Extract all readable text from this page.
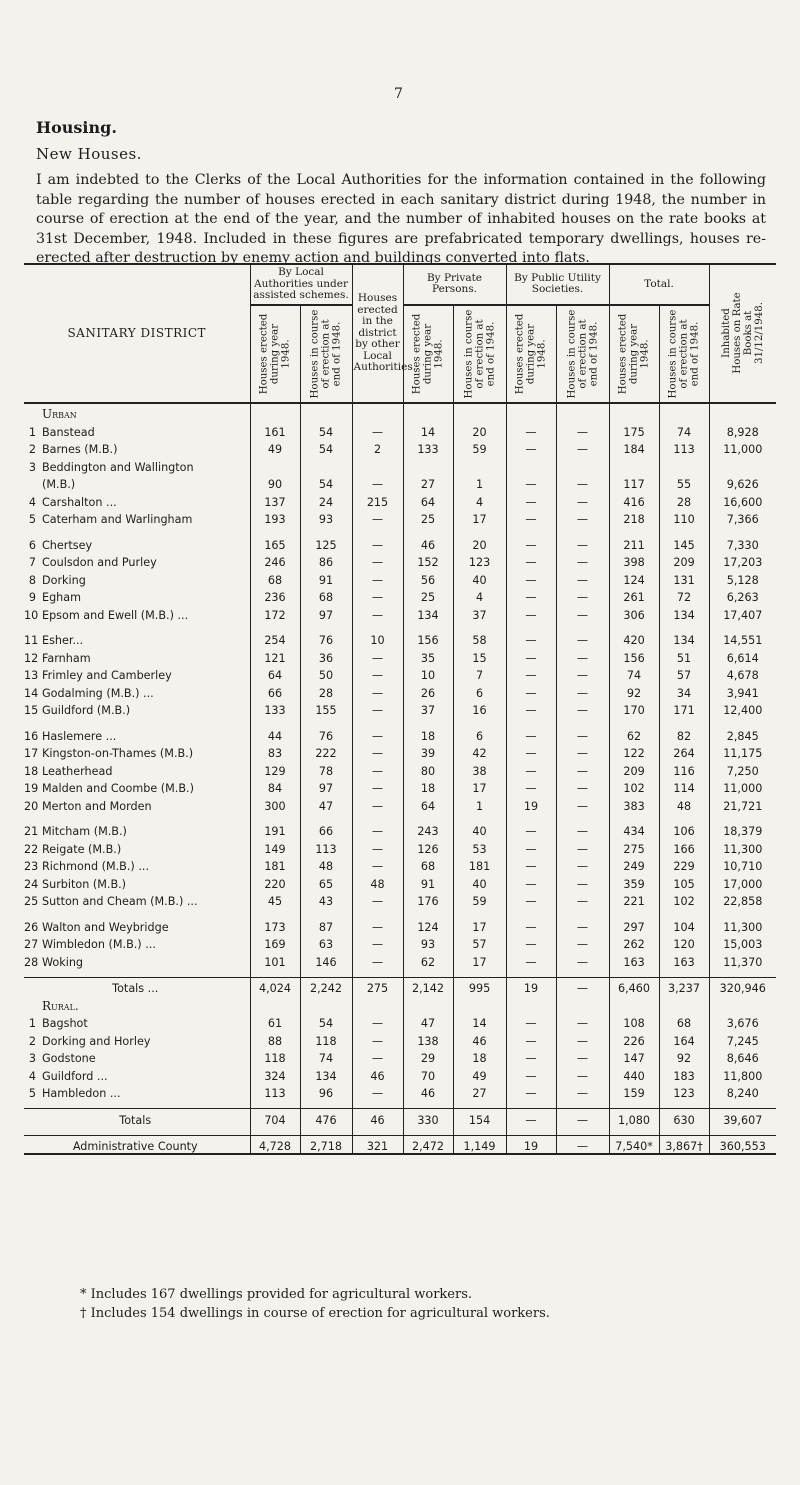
7
Housing.
New Houses.

I am indebted to the Clerks of the Local Authorities for the information contained in the following table regarding the number of houses erected in each sanitary district during 1948, the number in course of erection at the end of the year, and the number of inhabited houses on the rate books at 31st December, 1948. Included in these figures are prefabricated temporary dwellings, houses re-erected after destruction by enemy action and buildings converted into flats.

SANITARY DISTRICT	By Local Authorities under assisted schemes.		Houses erected in the district by other Local Authorities.	By Private Persons.		By Public Utility Societies.		Total.		Inhabited Houses on Rate Books at 31/12/1948.

	Houses erected during year 1948.	Houses in course of erection at end of 1948.		Houses erected during year 1948.	Houses in course of erection at end of 1948.	Houses erected during year 1948.	Houses in course of erection at end of 1948.	Houses erected during year 1948.	Houses in course of erection at end of 1948.	

Urban										
1 Banstead	161	54	—	14	20	—	—	175	74	8,928
2 Barnes (M.B.)	49	54	2	133	59	—	—	184	113	11,000
3 Beddington and Wallington										
(M.B.)	90	54	—	27	1	—	—	117	55	9,626
4 Carshalton ...	137	24	215	64	4	—	—	416	28	16,600
5 Caterham and Warlingham	193	93	—	25	17	—	—	218	110	7,366

6 Chertsey	165	125	—	46	20	—	—	211	145	7,330
7 Coulsdon and Purley	246	86	—	152	123	—	—	398	209	17,203
8 Dorking	68	91	—	56	40	—	—	124	131	5,128
9 Egham	236	68	—	25	4	—	—	261	72	6,263
10 Epsom and Ewell (M.B.) ...	172	97	—	134	37	—	—	306	134	17,407

11 Esher...	254	76	10	156	58	—	—	420	134	14,551
12 Farnham	121	36	—	35	15	—	—	156	51	6,614
13 Frimley and Camberley	64	50	—	10	7	—	—	74	57	4,678
14 Godalming (M.B.) ...	66	28	—	26	6	—	—	92	34	3,941
15 Guildford (M.B.)	133	155	—	37	16	—	—	170	171	12,400

16 Haslemere ...	44	76	—	18	6	—	—	62	82	2,845
17 Kingston-on-Thames (M.B.)	83	222	—	39	42	—	—	122	264	11,175
18 Leatherhead	129	78	—	80	38	—	—	209	116	7,250
19 Malden and Coombe (M.B.)	84	97	—	18	17	—	—	102	114	11,000
20 Merton and Morden	300	47	—	64	1	19	—	383	48	21,721

21 Mitcham (M.B.)	191	66	—	243	40	—	—	434	106	18,379
22 Reigate (M.B.)	149	113	—	126	53	—	—	275	166	11,300
23 Richmond (M.B.) ...	181	48	—	68	181	—	—	249	229	10,710
24 Surbiton (M.B.)	220	65	48	91	40	—	—	359	105	17,000
25 Sutton and Cheam (M.B.) ...	45	43	—	176	59	—	—	221	102	22,858

26 Walton and Weybridge	173	87	—	124	17	—	—	297	104	11,300
27 Wimbledon (M.B.) ...	169	63	—	93	57	—	—	262	120	15,003
28 Woking	101	146	—	62	17	—	—	163	163	11,370

Totals ...	4,024	2,242	275	2,142	995	19	—	6,460	3,237	320,946
Rural.										
1 Bagshot	61	54	—	47	14	—	—	108	68	3,676
2 Dorking and Horley	88	118	—	138	46	—	—	226	164	7,245
3 Godstone	118	74	—	29	18	—	—	147	92	8,646
4 Guildford ...	324	134	46	70	49	—	—	440	183	11,800
5 Hambledon ...	113	96	—	46	27	—	—	159	123	8,240

Totals	704	476	46	330	154	—	—	1,080	630	39,607

Administrative County	4,728	2,718	321	2,472	1,149	19	—	7,540*	3,867†	360,553
* Includes 167 dwellings provided for agricultural workers.
† Includes 154 dwellings in course of erection for agricultural workers.
